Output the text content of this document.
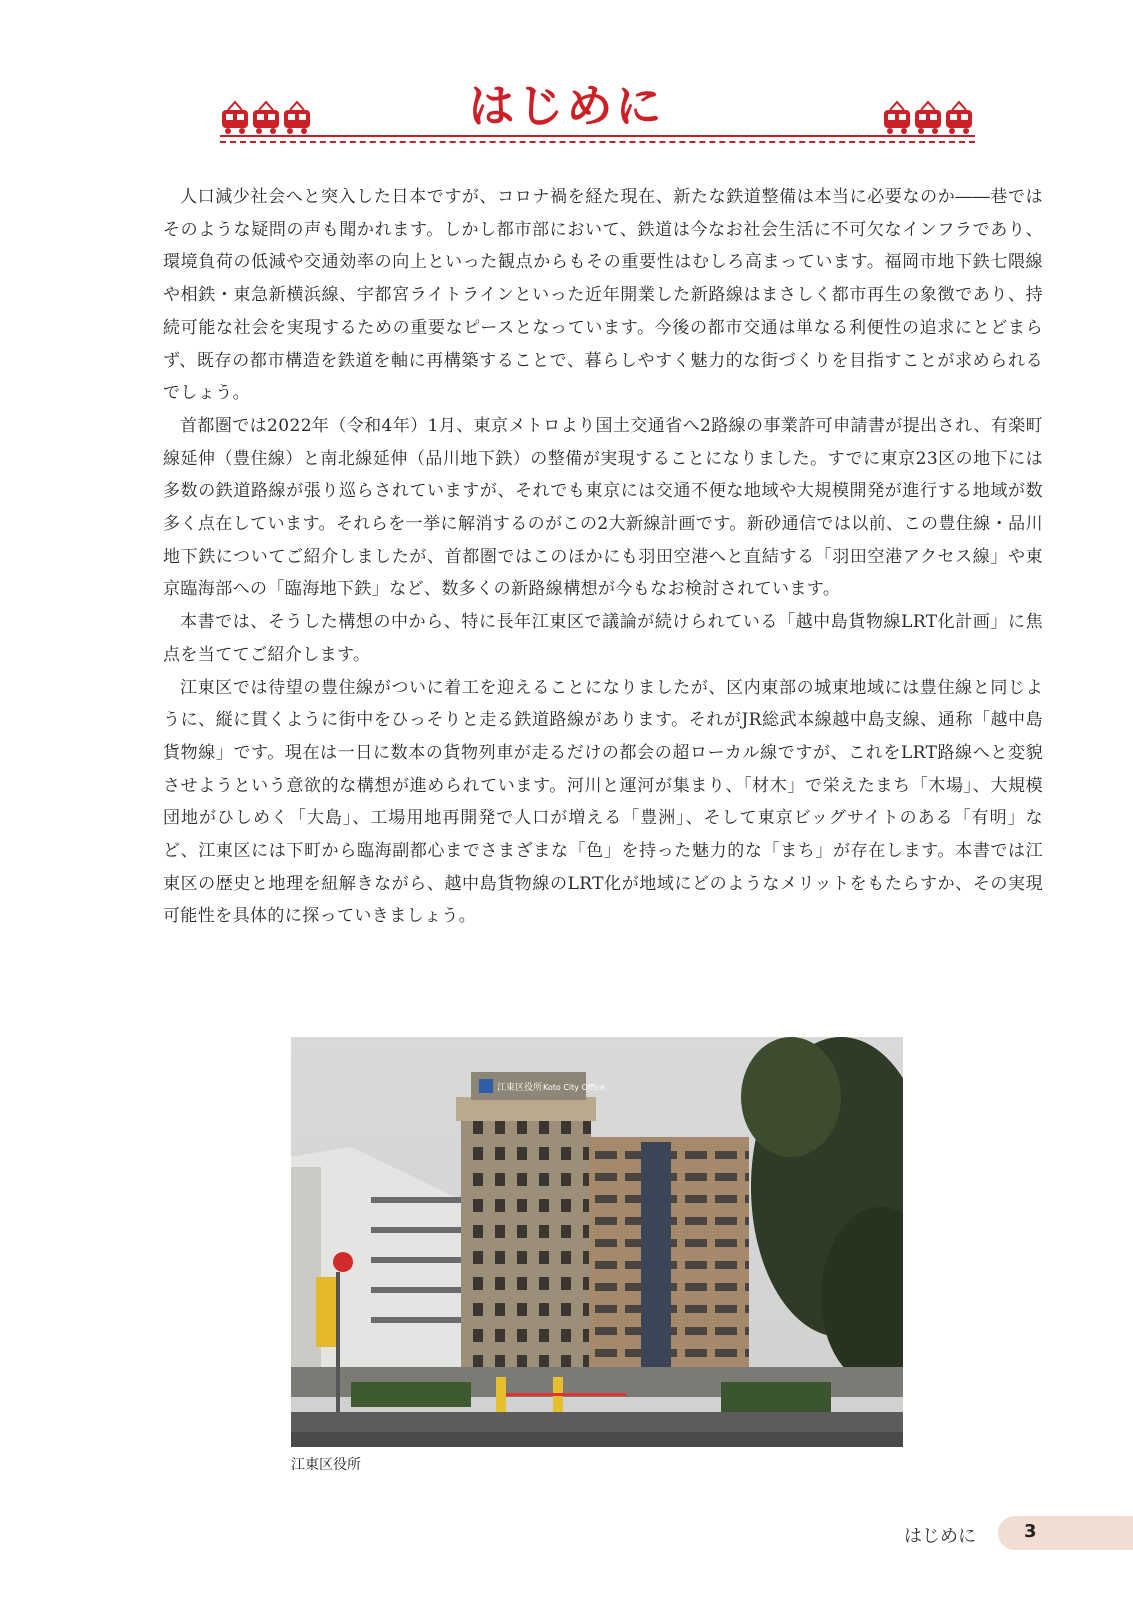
はじめに

人口減少社会へと突入した日本ですが、コロナ禍を経た現在、新たな鉄道整備は本当に必要なのか――巷ではそのような疑問の声も聞かれます。しかし都市部において、鉄道は今なお社会生活に不可欠なインフラであり、環境負荷の低減や交通効率の向上といった観点からもその重要性はむしろ高まっています。福岡市地下鉄七隈線や相鉄・東急新横浜線、宇都宮ライトラインといった近年開業した新路線はまさしく都市再生の象徴であり、持続可能な社会を実現するための重要なピースとなっています。今後の都市交通は単なる利便性の追求にとどまらず、既存の都市構造を鉄道を軸に再構築することで、暮らしやすく魅力的な街づくりを目指すことが求められるでしょう。

首都圏では2022年（令和4年）1月、東京メトロより国土交通省へ2路線の事業許可申請書が提出され、有楽町線延伸（豊住線）と南北線延伸（品川地下鉄）の整備が実現することになりました。すでに東京23区の地下には多数の鉄道路線が張り巡らされていますが、それでも東京には交通不便な地域や大規模開発が進行する地域が数多く点在しています。それらを一挙に解消するのがこの2大新線計画です。新砂通信では以前、この豊住線・品川地下鉄についてご紹介しましたが、首都圏ではこのほかにも羽田空港へと直結する「羽田空港アクセス線」や東京臨海部への「臨海地下鉄」など、数多くの新路線構想が今もなお検討されています。

本書では、そうした構想の中から、特に長年江東区で議論が続けられている「越中島貨物線LRT化計画」に焦点を当ててご紹介します。

江東区では待望の豊住線がついに着工を迎えることになりましたが、区内東部の城東地域には豊住線と同じように、縦に貫くように街中をひっそりと走る鉄道路線があります。それがJR総武本線越中島支線、通称「越中島貨物線」です。現在は一日に数本の貨物列車が走るだけの都会の超ローカル線ですが、これをLRT路線へと変貌させようという意欲的な構想が進められています。河川と運河が集まり、「材木」で栄えたまち「木場」、大規模団地がひしめく「大島」、工場用地再開発で人口が増える「豊洲」、そして東京ビッグサイトのある「有明」など、江東区には下町から臨海副都心までさまざまな「色」を持った魅力的な「まち」が存在します。本書では江東区の歴史と地理を紐解きながら、越中島貨物線のLRT化が地域にどのようなメリットをもたらすか、その実現可能性を具体的に探っていきましょう。

江東区役所 Koto City Office
江東区役所
はじめに	3
